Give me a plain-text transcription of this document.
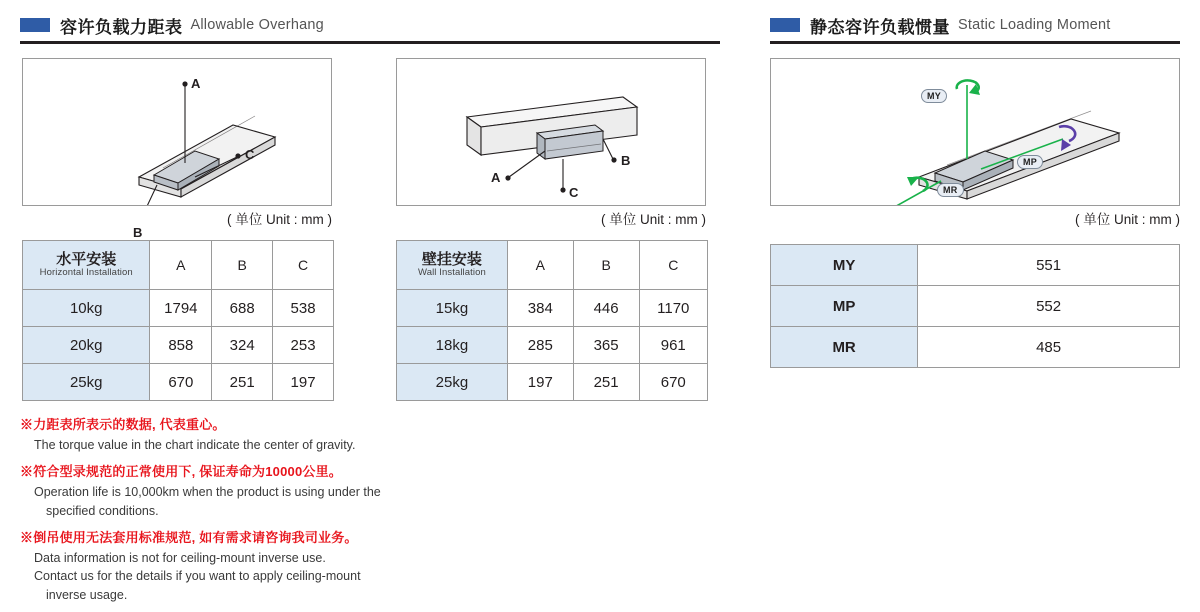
容许负载力距表 Allowable Overhang	静态容许负载惯量 Static Loading Moment
A
C
B
( 单位 Unit : mm )
A
B
C
( 单位 Unit : mm )
MY
MP
MR
( 单位 Unit : mm )
水平安装
Horizontal Installation	A	B	C
10kg	1794	688	538
20kg	858	324	253
25kg	670	251	197
壁挂安装
Wall Installation	A	B	C
15kg	384	446	1170
18kg	285	365	961
25kg	197	251	670
MY	551
MP	552
MR	485
※力距表所表示的数据, 代表重心。
The torque value in the chart indicate the center of gravity.
※符合型录规范的正常使用下, 保证寿命为10000公里。
Operation life is 10,000km when the product is using under the
specified conditions.
※倒吊使用无法套用标准规范, 如有需求请咨询我司业务。
Data information is not for ceiling-mount inverse use.
Contact us for the details if you want to apply ceiling-mount
inverse usage.
